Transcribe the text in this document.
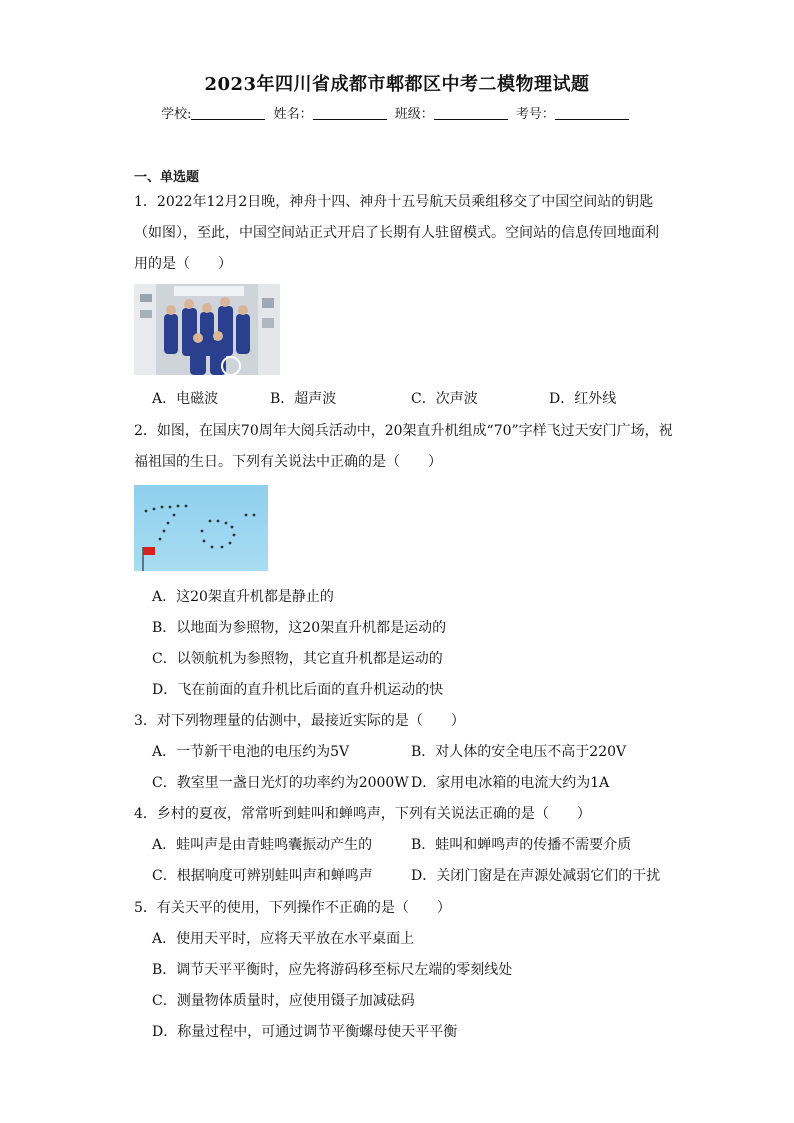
2023年四川省成都市郫都区中考二模物理试题
学校:	姓名：	班级：	考号：
一、单选题
1．2022年12月2日晚，神舟十四、神舟十五号航天员乘组移交了中国空间站的钥匙
（如图），至此，中国空间站正式开启了长期有人驻留模式。空间站的信息传回地面利
用的是（　　）
A．电磁波	B．超声波	C．次声波	D．红外线
2．如图，在国庆70周年大阅兵活动中，20架直升机组成“70”字样飞过天安门广场，祝
福祖国的生日。下列有关说法中正确的是（　　）
A．这20架直升机都是静止的
B．以地面为参照物，这20架直升机都是运动的
C．以领航机为参照物，其它直升机都是运动的
D．飞在前面的直升机比后面的直升机运动的快
3．对下列物理量的估测中，最接近实际的是（　　）
A．一节新干电池的电压约为5V	B．对人体的安全电压不高于220V
C．教室里一盏日光灯的功率约为2000W D．家用电冰箱的电流大约为1A
4．乡村的夏夜，常常听到蛙叫和蝉鸣声，下列有关说法正确的是（　　）
A．蛙叫声是由青蛙鸣囊振动产生的	B．蛙叫和蝉鸣声的传播不需要介质
C．根据响度可辨别蛙叫声和蝉鸣声	D．关闭门窗是在声源处减弱它们的干扰
5．有关天平的使用，下列操作不正确的是（　　）
A．使用天平时，应将天平放在水平桌面上
B．调节天平平衡时，应先将游码移至标尺左端的零刻线处
C．测量物体质量时，应使用镊子加减砝码
D．称量过程中，可通过调节平衡螺母使天平平衡
